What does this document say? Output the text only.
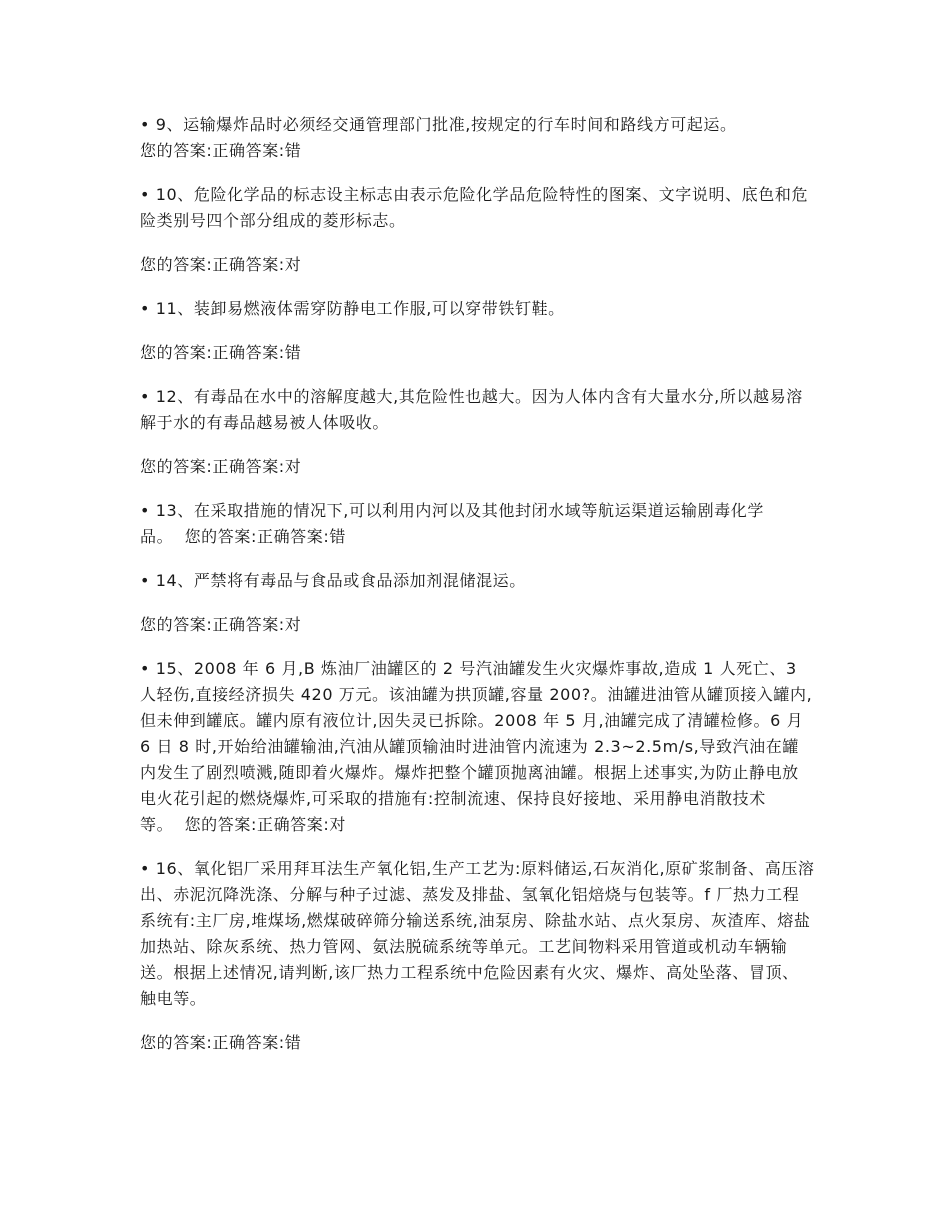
• 9、运输爆炸品时必须经交通管理部门批准,按规定的行车时间和路线方可起运。
您的答案:正确答案:错

• 10、危险化学品的标志设主标志由表示危险化学品危险特性的图案、文字说明、底色和危险类别号四个部分组成的菱形标志。

您的答案:正确答案:对

• 11、装卸易燃液体需穿防静电工作服,可以穿带铁钉鞋。

您的答案:正确答案:错

• 12、有毒品在水中的溶解度越大,其危险性也越大。因为人体内含有大量水分,所以越易溶解于水的有毒品越易被人体吸收。

您的答案:正确答案:对

• 13、在采取措施的情况下,可以利用内河以及其他封闭水域等航运渠道运输剧毒化学品。 您的答案:正确答案:错

• 14、严禁将有毒品与食品或食品添加剂混储混运。

您的答案:正确答案:对

• 15、2008 年 6 月,B 炼油厂油罐区的 2 号汽油罐发生火灾爆炸事故,造成 1 人死亡、3 人轻伤,直接经济损失 420 万元。该油罐为拱顶罐,容量 200?。油罐进油管从罐顶接入罐内,但未伸到罐底。罐内原有液位计,因失灵已拆除。2008 年 5 月,油罐完成了清罐检修。6 月 6 日 8 时,开始给油罐输油,汽油从罐顶输油时进油管内流速为 2.3~2.5m/s,导致汽油在罐内发生了剧烈喷溅,随即着火爆炸。爆炸把整个罐顶抛离油罐。根据上述事实,为防止静电放电火花引起的燃烧爆炸,可采取的措施有:控制流速、保持良好接地、采用静电消散技术等。 您的答案:正确答案:对

• 16、氧化铝厂采用拜耳法生产氧化铝,生产工艺为:原料储运,石灰消化,原矿浆制备、高压溶出、赤泥沉降洗涤、分解与种子过滤、蒸发及排盐、氢氧化铝焙烧与包装等。f 厂热力工程系统有:主厂房,堆煤场,燃煤破碎筛分输送系统,油泵房、除盐水站、点火泵房、灰渣库、熔盐加热站、除灰系统、热力管网、氨法脱硫系统等单元。工艺间物料采用管道或机动车辆输送。根据上述情况,请判断,该厂热力工程系统中危险因素有火灾、爆炸、高处坠落、冒顶、触电等。

您的答案:正确答案:错
